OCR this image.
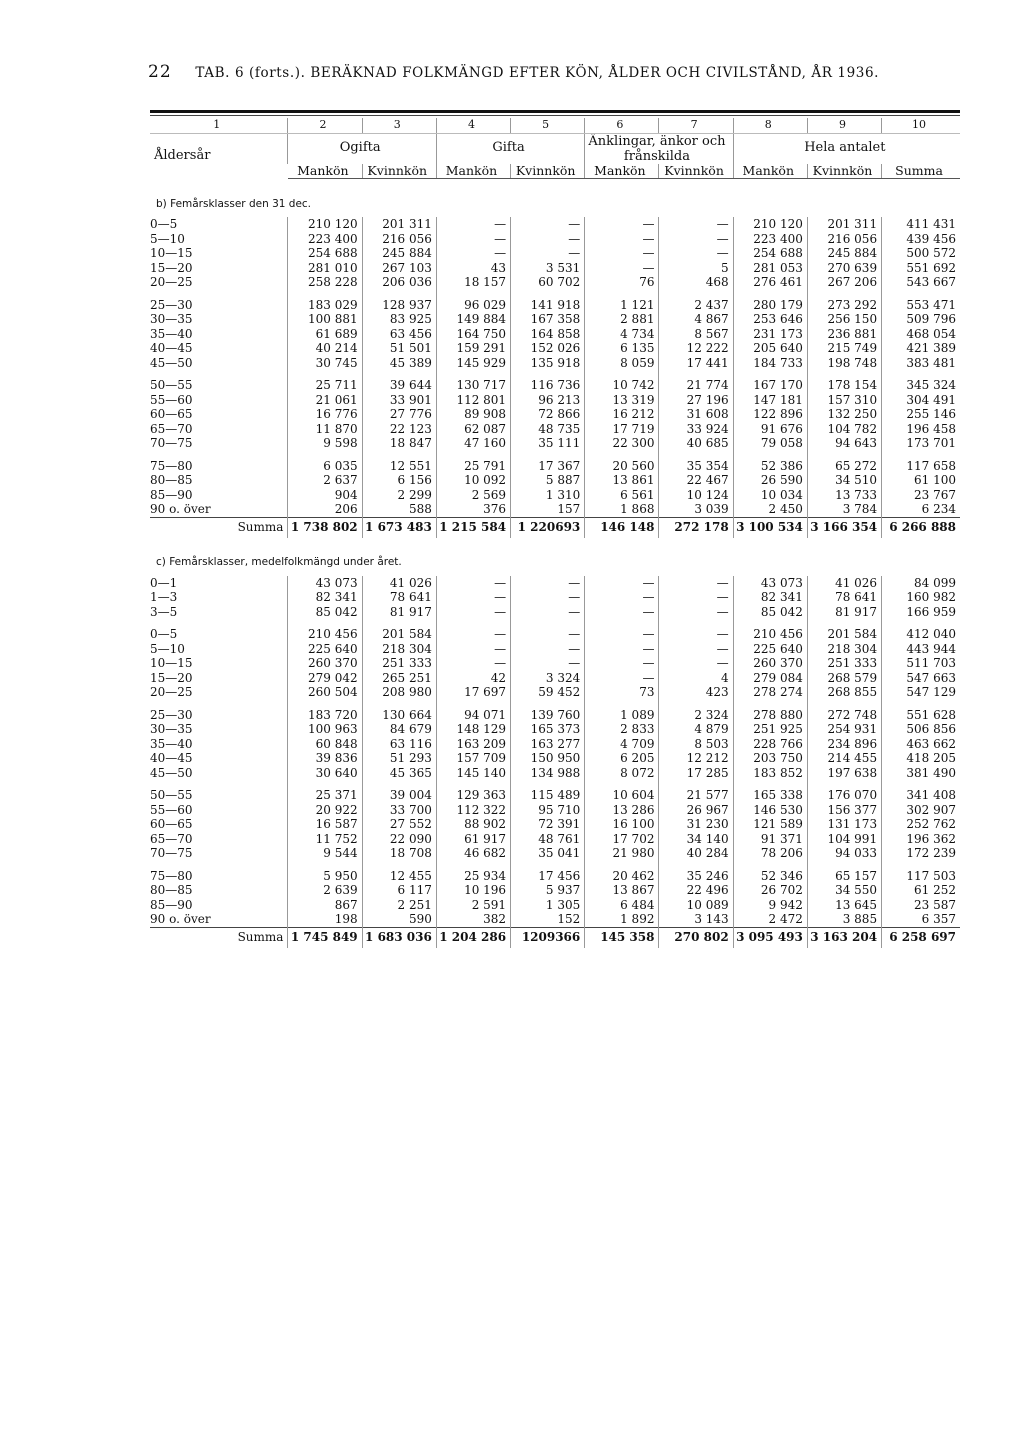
22 TAB. 6 (forts.). BERÄKNAD FOLKMÄNGD EFTER KÖN, ÅLDER OCH CIVILSTÅND, ÅR 1936.
1	2	3	4	5	6	7	8	9	10
Åldersår	Ogifta		Gifta		Änklingar, änkor och frånskilda		Hela antalet		
	Mankön	Kvinnkön	Mankön	Kvinnkön	Mankön	Kvinnkön	Mankön	Kvinnkön	Summa
b) Femårsklasser den 31 dec.									
0—5	210 120	201 311	—	—	—	—	210 120	201 311	411 431
5—10	223 400	216 056	—	—	—	—	223 400	216 056	439 456
10—15	254 688	245 884	—	—	—	—	254 688	245 884	500 572
15—20	281 010	267 103	43	3 531	—	5	281 053	270 639	551 692
20—25	258 228	206 036	18 157	60 702	76	468	276 461	267 206	543 667

25—30	183 029	128 937	96 029	141 918	1 121	2 437	280 179	273 292	553 471
30—35	100 881	83 925	149 884	167 358	2 881	4 867	253 646	256 150	509 796
35—40	61 689	63 456	164 750	164 858	4 734	8 567	231 173	236 881	468 054
40—45	40 214	51 501	159 291	152 026	6 135	12 222	205 640	215 749	421 389
45—50	30 745	45 389	145 929	135 918	8 059	17 441	184 733	198 748	383 481

50—55	25 711	39 644	130 717	116 736	10 742	21 774	167 170	178 154	345 324
55—60	21 061	33 901	112 801	96 213	13 319	27 196	147 181	157 310	304 491
60—65	16 776	27 776	89 908	72 866	16 212	31 608	122 896	132 250	255 146
65—70	11 870	22 123	62 087	48 735	17 719	33 924	91 676	104 782	196 458
70—75	9 598	18 847	47 160	35 111	22 300	40 685	79 058	94 643	173 701

75—80	6 035	12 551	25 791	17 367	20 560	35 354	52 386	65 272	117 658
80—85	2 637	6 156	10 092	5 887	13 861	22 467	26 590	34 510	61 100
85—90	904	2 299	2 569	1 310	6 561	10 124	10 034	13 733	23 767
90 o. över	206	588	376	157	1 868	3 039	2 450	3 784	6 234
Summa	1 738 802	1 673 483	1 215 584	1 220693	146 148	272 178	3 100 534	3 166 354	6 266 888
c) Femårsklasser, medelfolkmängd under året.									
0—1	43 073	41 026	—	—	—	—	43 073	41 026	84 099
1—3	82 341	78 641	—	—	—	—	82 341	78 641	160 982
3—5	85 042	81 917	—	—	—	—	85 042	81 917	166 959

0—5	210 456	201 584	—	—	—	—	210 456	201 584	412 040
5—10	225 640	218 304	—	—	—	—	225 640	218 304	443 944
10—15	260 370	251 333	—	—	—	—	260 370	251 333	511 703
15—20	279 042	265 251	42	3 324	—	4	279 084	268 579	547 663
20—25	260 504	208 980	17 697	59 452	73	423	278 274	268 855	547 129

25—30	183 720	130 664	94 071	139 760	1 089	2 324	278 880	272 748	551 628
30—35	100 963	84 679	148 129	165 373	2 833	4 879	251 925	254 931	506 856
35—40	60 848	63 116	163 209	163 277	4 709	8 503	228 766	234 896	463 662
40—45	39 836	51 293	157 709	150 950	6 205	12 212	203 750	214 455	418 205
45—50	30 640	45 365	145 140	134 988	8 072	17 285	183 852	197 638	381 490

50—55	25 371	39 004	129 363	115 489	10 604	21 577	165 338	176 070	341 408
55—60	20 922	33 700	112 322	95 710	13 286	26 967	146 530	156 377	302 907
60—65	16 587	27 552	88 902	72 391	16 100	31 230	121 589	131 173	252 762
65—70	11 752	22 090	61 917	48 761	17 702	34 140	91 371	104 991	196 362
70—75	9 544	18 708	46 682	35 041	21 980	40 284	78 206	94 033	172 239

75—80	5 950	12 455	25 934	17 456	20 462	35 246	52 346	65 157	117 503
80—85	2 639	6 117	10 196	5 937	13 867	22 496	26 702	34 550	61 252
85—90	867	2 251	2 591	1 305	6 484	10 089	9 942	13 645	23 587
90 o. över	198	590	382	152	1 892	3 143	2 472	3 885	6 357
Summa	1 745 849	1 683 036	1 204 286	1209366	145 358	270 802	3 095 493	3 163 204	6 258 697
